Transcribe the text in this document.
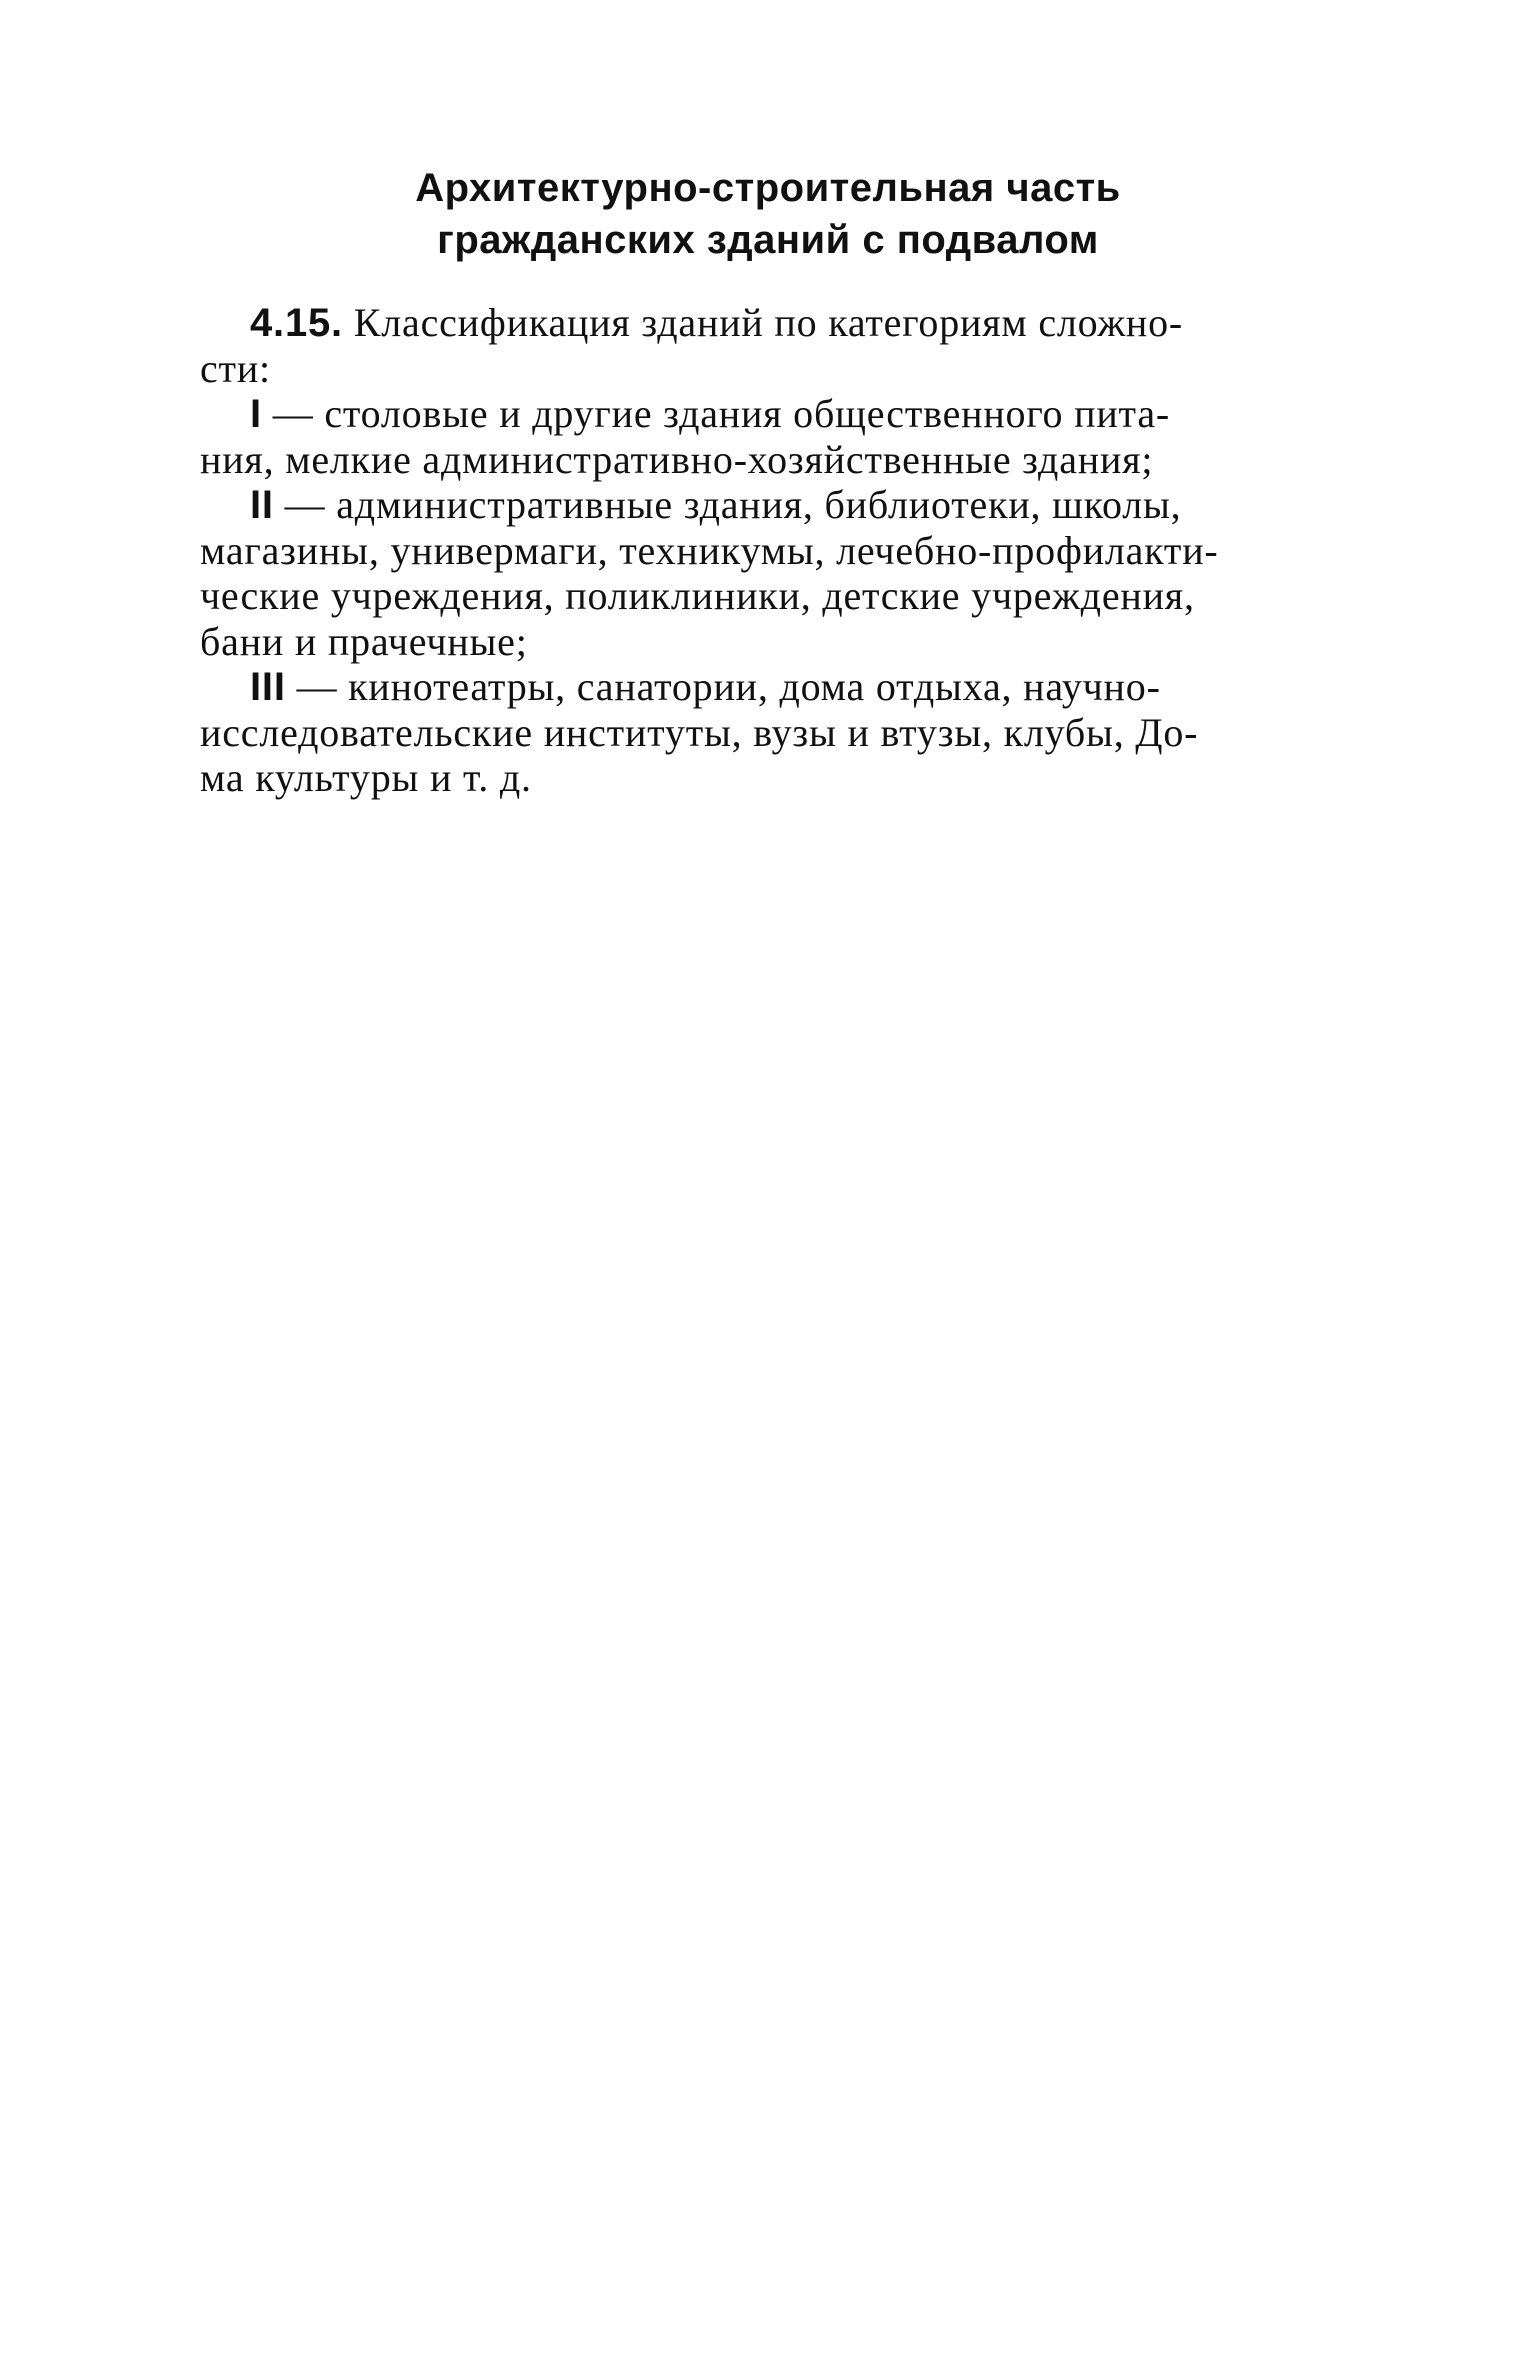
Архитектурно-строительная часть
гражданских зданий с подвалом
4.15. Классификация зданий по категориям сложно-
сти:
I — столовые и другие здания общественного пита-
ния, мелкие административно-хозяйственные здания;
II — административные здания, библиотеки, школы,
магазины, универмаги, техникумы, лечебно-профилакти-
ческие учреждения, поликлиники, детские учреждения,
бани и прачечные;
III — кинотеатры, санатории, дома отдыха, научно-
исследовательские институты, вузы и втузы, клубы, До-
ма культуры и т. д.
